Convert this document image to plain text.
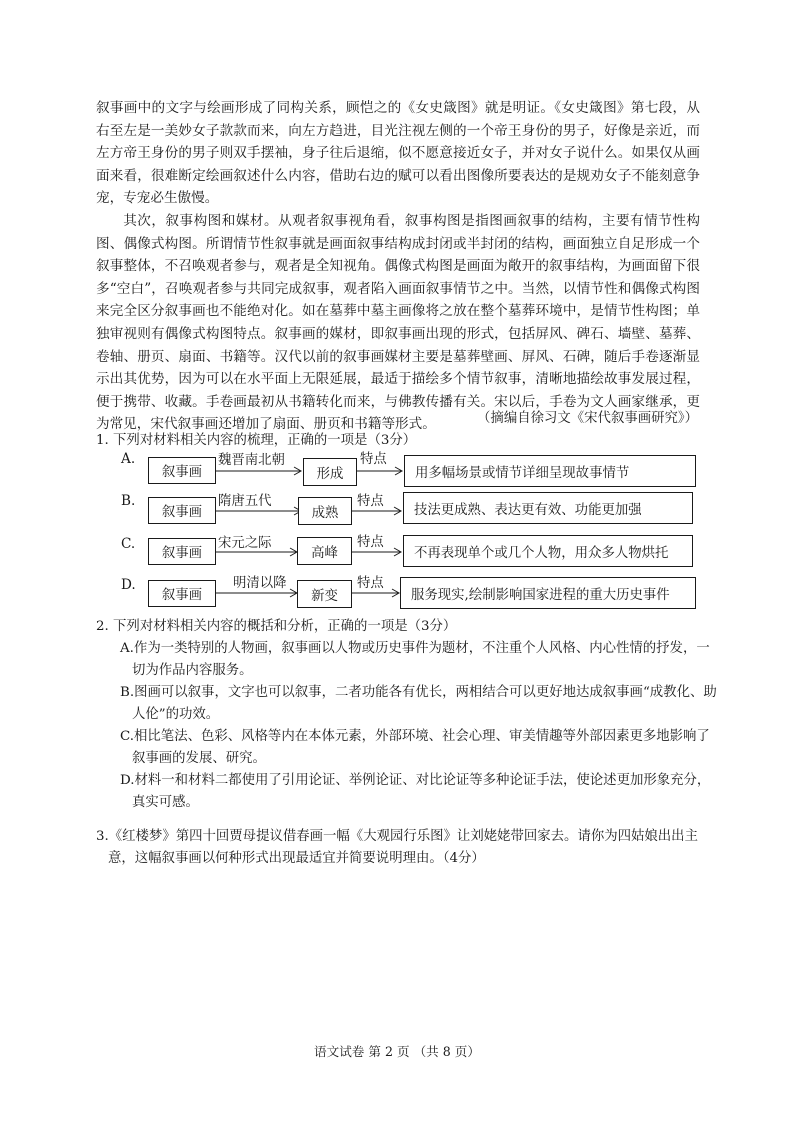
叙事画中的文字与绘画形成了同构关系，顾恺之的《女史箴图》就是明证。《女史箴图》第七段，从右至左是一美妙女子款款而来，向左方趋进，目光注视左侧的一个帝王身份的男子，好像是亲近，而左方帝王身份的男子则双手摆袖，身子往后退缩，似不愿意接近女子，并对女子说什么。如果仅从画面来看，很难断定绘画叙述什么内容，借助右边的赋可以看出图像所要表达的是规劝女子不能刻意争宠，专宠必生傲慢。

其次，叙事构图和媒材。从观者叙事视角看，叙事构图是指图画叙事的结构，主要有情节性构图、偶像式构图。所谓情节性叙事就是画面叙事结构成封闭或半封闭的结构，画面独立自足形成一个叙事整体，不召唤观者参与，观者是全知视角。偶像式构图是画面为敞开的叙事结构，为画面留下很多“空白”，召唤观者参与共同完成叙事，观者陷入画面叙事情节之中。当然，以情节性和偶像式构图来完全区分叙事画也不能绝对化。如在墓葬中墓主画像将之放在整个墓葬环境中，是情节性构图；单独审视则有偶像式构图特点。叙事画的媒材，即叙事画出现的形式，包括屏风、碑石、墙壁、墓葬、卷轴、册页、扇面、书籍等。汉代以前的叙事画媒材主要是墓葬壁画、屏风、石碑，随后手卷逐渐显示出其优势，因为可以在水平面上无限延展，最适于描绘多个情节叙事，清晰地描绘故事发展过程，便于携带、收藏。手卷画最初从书籍转化而来，与佛教传播有关。宋以后，手卷为文人画家继承，更为常见，宋代叙事画还增加了扇面、册页和书籍等形式。	（摘编自徐习文《宋代叙事画研究》）

1. 下列对材料相关内容的梳理，正确的一项是（3分）

A.
叙事画
魏晋南北朝
形成
特点
用多幅场景或情节详细呈现故事情节
B.
叙事画
隋唐五代
成熟
特点
技法更成熟、表达更有效、功能更加强
C.
叙事画
宋元之际
高峰
特点
不再表现单个或几个人物，用众多人物烘托
D.
叙事画
明清以降
新变
特点
服务现实,绘制影响国家进程的重大历史事件

2. 下列对材料相关内容的概括和分析，正确的一项是（3分）

A.作为一类特别的人物画，叙事画以人物或历史事件为题材，不注重个人风格、内心性情的抒发，一切为作品内容服务。

B.图画可以叙事，文字也可以叙事，二者功能各有优长，两相结合可以更好地达成叙事画“成教化、助人伦”的功效。

C.相比笔法、色彩、风格等内在本体元素，外部环境、社会心理、审美情趣等外部因素更多地影响了叙事画的发展、研究。

D.材料一和材料二都使用了引用论证、举例论证、对比论证等多种论证手法，使论述更加形象充分，真实可感。

3.《红楼梦》第四十回贾母提议借春画一幅《大观园行乐图》让刘姥姥带回家去。请你为四姑娘出出主意，这幅叙事画以何种形式出现最适宜并简要说明理由。（4分）

语文试卷 第 2 页 （共 8 页）
